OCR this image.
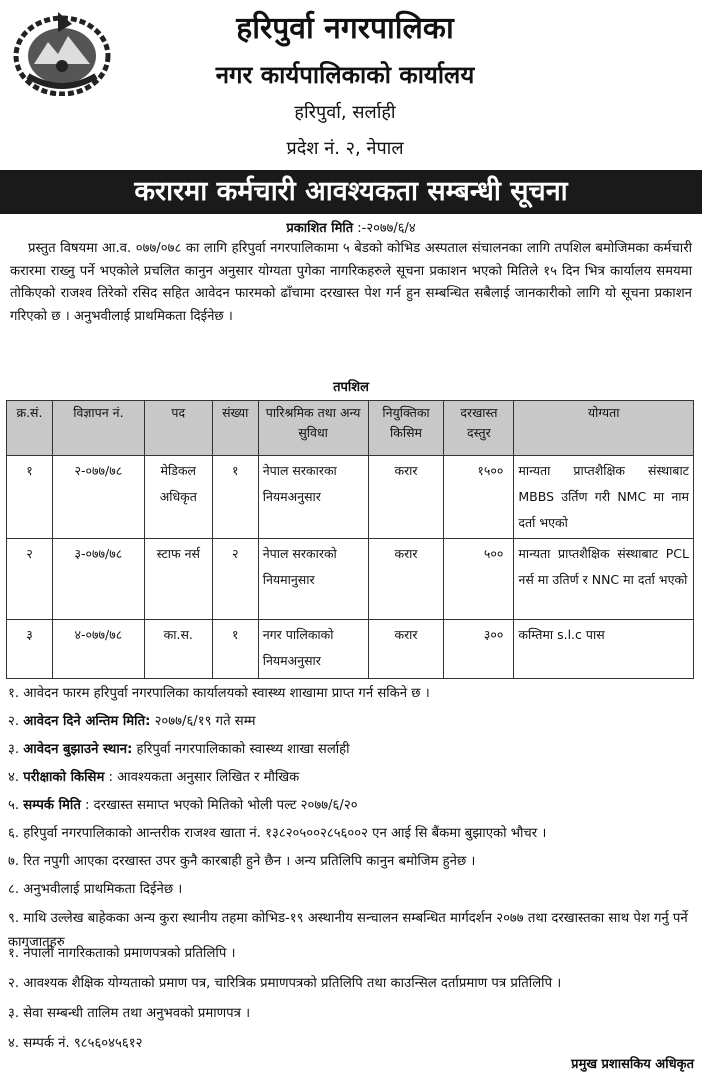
हरिपुर्वा नगरपालिका
नगर कार्यपालिकाको कार्यालय
हरिपुर्वा, सर्लाही
प्रदेश नं. २, नेपाल
करारमा कर्मचारी आवश्यकता सम्बन्धी सूचना
प्रकाशित मिति :-२०७७/६/४

प्रस्तुत विषयमा आ.व. ०७७/०७८ का लागि हरिपुर्वा नगरपालिकामा ५ बेडको कोभिड अस्पताल संचालनका लागि तपशिल बमोजिमका कर्मचारी करारमा राख्नु पर्ने भएकोले प्रचलित कानुन अनुसार योग्यता पुगेका नागरिकहरुले सूचना प्रकाशन भएको मितिले १५ दिन भित्र कार्यालय समयमा तोकिएको राजश्व तिरेको रसिद सहित आवेदन फारमको ढाँचामा दरखास्त पेश गर्न हुन सम्बन्धित सबैलाई जानकारीको लागि यो सूचना प्रकाशन गरिएको छ । अनुभवीलाई प्राथमिकता दिईनेछ ।

तपशिल
क्र.सं.	विज्ञापन नं.	पद	संख्या	पारिश्रमिक तथा अन्य सुविधा	नियुक्तिका किसिम	दरखास्त दस्तुर	योग्यता
१	२-०७७/७८	मेडिकल अधिकृत	१	नेपाल सरकारका नियमअनुसार	करार	१५००	मान्यता प्राप्तशैक्षिक संस्थाबाट MBBS उर्तिण गरी NMC मा नाम दर्ता भएको
२	३-०७७/७८	स्टाफ नर्स	२	नेपाल सरकारको नियमानुसार	करार	५००	मान्यता प्राप्तशैक्षिक संस्थाबाट PCL नर्स मा उतिर्ण र NNC मा दर्ता भएको
३	४-०७७/७८	का.स.	१	नगर पालिकाको नियमअनुसार	करार	३००	कम्तिमा s.l.c पास
१. आवेदन फारम हरिपुर्वा नगरपालिका कार्यालयको स्वास्थ्य शाखामा प्राप्त गर्न सकिने छ ।
२. आवेदन दिने अन्तिम मिति: २०७७/६/१९ गते सम्म
३. आवेदन बुझाउने स्थान: हरिपुर्वा नगरपालिकाको स्वास्थ्य शाखा सर्लाही
४. परीक्षाको किसिम : आवश्यकता अनुसार लिखित र मौखिक
५. सम्पर्क मिति : दरखास्त समाप्त भएको मितिको भोली पल्ट २०७७/६/२०
६. हरिपुर्वा नगरपालिकाको आन्तरीक राजश्व खाता नं. १३८२०५००२८५६००२ एन आई सि बैंकमा बुझाएको भौचर ।
७. रित नपुगी आएका दरखास्त उपर कुनै कारबाही हुने छैन । अन्य प्रतिलिपि कानुन बमोजिम हुनेछ ।
८. अनुभवीलाई प्राथमिकता दिईनेछ ।
९. माथि उल्लेख बाहेकका अन्य कुरा स्थानीय तहमा कोभिड-१९ अस्थानीय सन्चालन सम्बन्धित मार्गदर्शन २०७७ तथा दरखास्तका साथ पेश गर्नु पर्ने कागजातहरु
१. नेपाली नागरिकताको प्रमाणपत्रको प्रतिलिपि ।
२. आवश्यक शैक्षिक योग्यताको प्रमाण पत्र, चारित्रिक प्रमाणपत्रको प्रतिलिपि तथा काउन्सिल दर्ताप्रमाण पत्र प्रतिलिपि ।
३. सेवा सम्बन्धी तालिम तथा अनुभवको प्रमाणपत्र ।
४. सम्पर्क नं. ९८५६०४५६१२
प्रमुख प्रशासकिय अधिकृत
